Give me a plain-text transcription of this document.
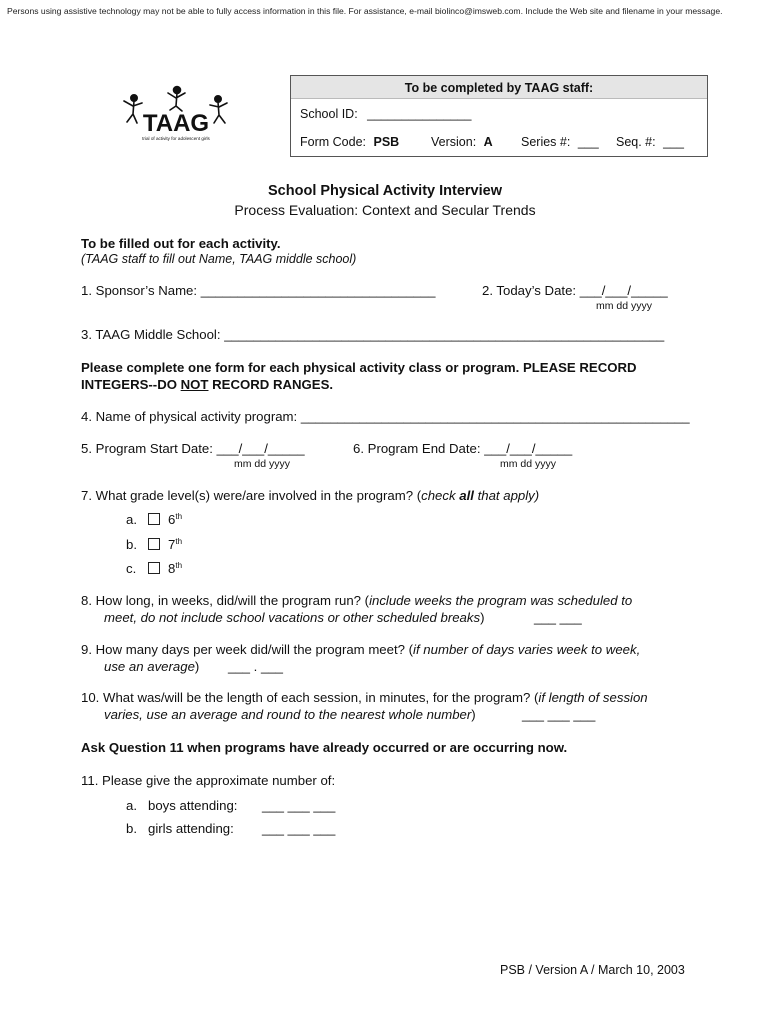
Persons using assistive technology may not be able to fully access information in this file. For assistance, e-mail biolinco@imsweb.com. Include the Web site and filename in your message.
TAAG
trial of activity for adolescent girls
To be completed by TAAG staff:
School ID: _______________
Form Code: PSB	Version: A Series #: ___ Seq. #: ___
School Physical Activity Interview
Process Evaluation: Context and Secular Trends
To be filled out for each activity.
(TAAG staff to fill out Name, TAAG middle school)
1. Sponsor’s Name: ________________________________	2. Today’s Date: ___/___/_____
mm dd yyyy
3. TAAG Middle School: ____________________________________________________________
Please complete one form for each physical activity class or program. PLEASE RECORD
INTEGERS--DO NOT RECORD RANGES.
4. Name of physical activity program: _____________________________________________________
5. Program Start Date: ___/___/_____
mm dd yyyy
6. Program End Date: ___/___/_____
mm dd yyyy
7. What grade level(s) were/are involved in the program? (check all that apply)
a. 6th
b. 7th
c. 8th
8. How long, in weeks, did/will the program run? (include weeks the program was scheduled to
meet, do not include school vacations or other scheduled breaks)	___ ___
9. How many days per week did/will the program meet? (if number of days varies week to week,
use an average) ___ . ___
10. What was/will be the length of each session, in minutes, for the program? (if length of session
varies, use an average and round to the nearest whole number)	___ ___ ___
Ask Question 11 when programs have already occurred or are occurring now.
11. Please give the approximate number of:
a. boys attending: ___ ___ ___
b. girls attending: ___ ___ ___
PSB / Version A / March 10, 2003
